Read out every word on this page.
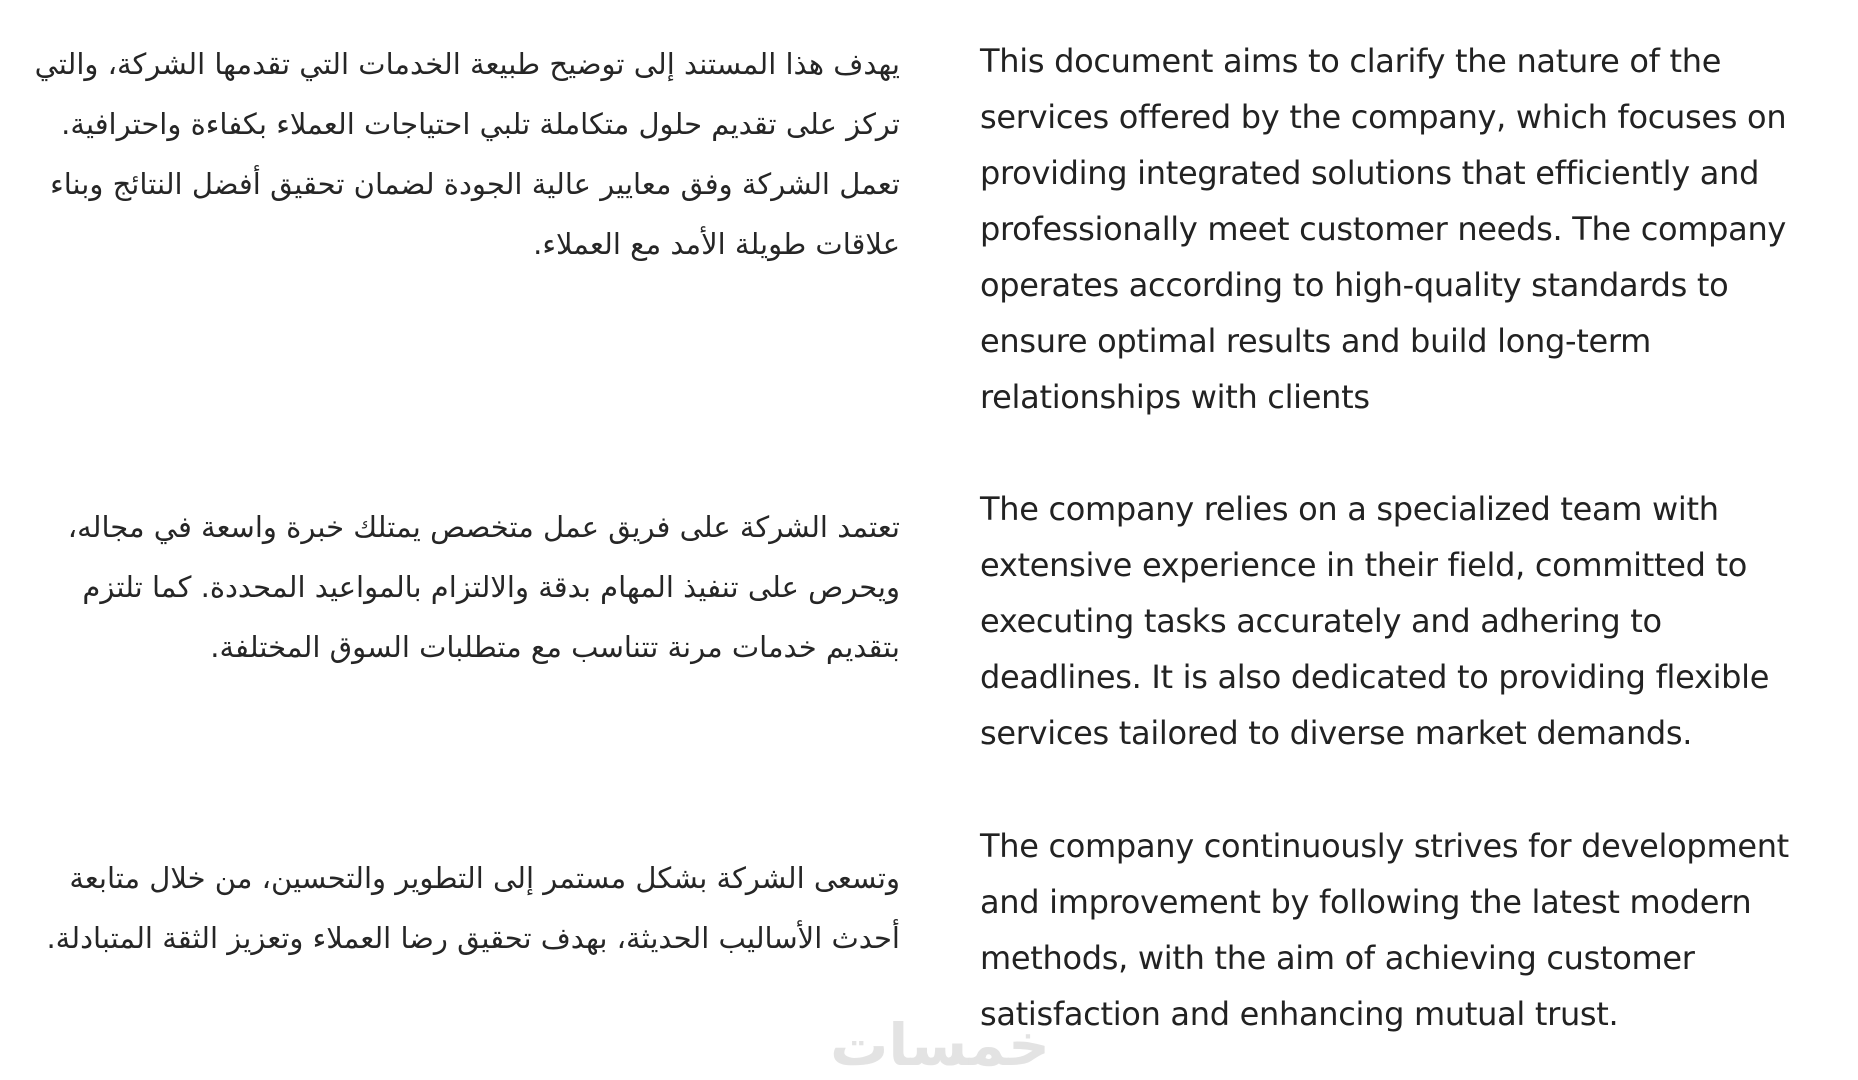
يهدف هذا المستند إلى توضيح طبيعة الخدمات التي تقدمها الشركة، والتي تركز على تقديم حلول متكاملة تلبي احتياجات العملاء بكفاءة واحترافية. تعمل الشركة وفق معايير عالية الجودة لضمان تحقيق أفضل النتائج وبناء علاقات طويلة الأمد مع العملاء.

تعتمد الشركة على فريق عمل متخصص يمتلك خبرة واسعة في مجاله، ويحرص على تنفيذ المهام بدقة والالتزام بالمواعيد المحددة. كما تلتزم بتقديم خدمات مرنة تتناسب مع متطلبات السوق المختلفة.

وتسعى الشركة بشكل مستمر إلى التطوير والتحسين، من خلال متابعة أحدث الأساليب الحديثة، بهدف تحقيق رضا العملاء وتعزيز الثقة المتبادلة.

This document aims to clarify the nature of the services offered by the company, which focuses on providing integrated solutions that efficiently and professionally meet customer needs. The company operates according to high-quality standards to ensure optimal results and build long-term relationships with clients

The company relies on a specialized team with extensive experience in their field, committed to executing tasks accurately and adhering to deadlines. It is also dedicated to providing flexible services tailored to diverse market demands.

The company continuously strives for development and improvement by following the latest modern methods, with the aim of achieving customer satisfaction and enhancing mutual trust.

خمسات
